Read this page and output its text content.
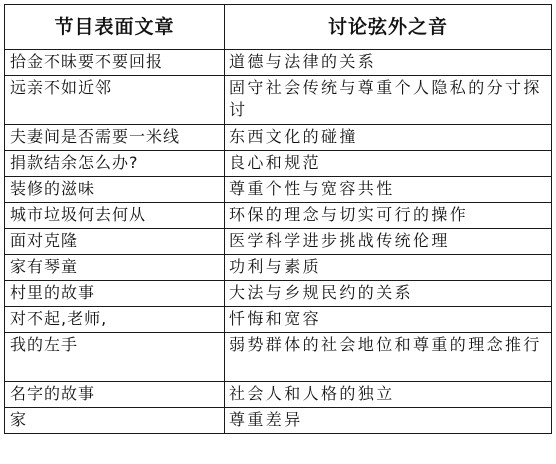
节目表面文章	讨论弦外之音
拾金不昧要不要回报	道德与法律的关系
远亲不如近邻	固守社会传统与尊重个人隐私的分寸探讨
夫妻间是否需要一米线	东西文化的碰撞
捐款结余怎么办?	良心和规范
装修的滋味	尊重个性与宽容共性
城市垃圾何去何从	环保的理念与切实可行的操作
面对克隆	医学科学进步挑战传统伦理
家有琴童	功利与素质
村里的故事	大法与乡规民约的关系
对不起,老师,	忏悔和宽容
我的左手	弱势群体的社会地位和尊重的理念推行
名字的故事	社会人和人格的独立
家	尊重差异
